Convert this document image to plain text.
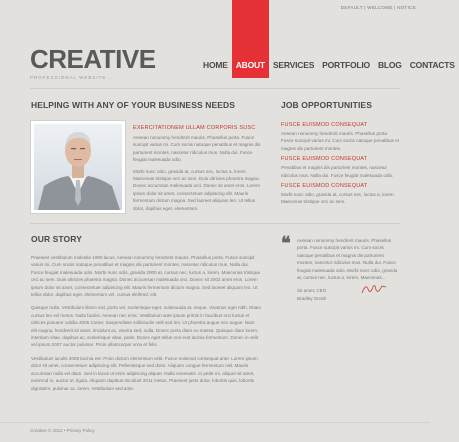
DEFAULT | WELCOME | NOTICE
CREATIVE
PROFESSIONAL WEBSITE ...
HOME ABOUT SERVICES PORTFOLIO BLOG CONTACTS
HELPING WITH ANY OF YOUR BUSINESS NEEDS	JOB OPPORTUNITIES
EXERCITATIONEM ULLAM CORPORIS SUSC
Aenean nonummy hendrerit mauris. Phasellus porta. Fusce suscipit varius mi. Cum sociis natoque penatibus et magnis dis parturient montes, nascetur ridiculus mus. Nulla dui. Fusce feugiat malesuada odio.
Morbi nunc odio, gravida at, cursus nec, luctus a, lorem. Maecenas tristique orci ac sem. Duis ultricies pharetra magna. Donec accumsan malesuada orci. Donec sit amet eros. Lorem ipsum dolor sit amet, consectetuer adipiscing elit. Mauris fermentum dictum magna. Sed laoreet aliquam leo. Ut tellus dolor, dapibus eget, elementum.
FUSCE EUISMOD CONSEQUAT
Aenean nonummy hendrerit mauris. Phasellus porta. Fusce suscipit varius mi. Cum sociis natoque penatibus et magnis dis parturient montes.
FUSCE EUISMOD CONSEQUAT
Penatibus et magnis dis parturient montes, nascetur ridiculus mus. Nulla dui. Fusce feugiat malesuada odio.
FUSCE EUISMOD CONSEQUAT
Morbi nunc odio, gravida at, cursus nec, luctus a, lorem. Maecenas tristique orci ac sem.
OUR STORY
Praesent vestibulum molestie 1990 lacus. Aenean nonummy hendrerit mauris. Phasellus porta. Fusce suscipit varius mi. Cum sociis natoque penatibus et magnis dis parturient montes, nascetur ridiculus mus. Nulla dui. Fusce feugiat malesuada odio. Morbi nunc odio, gravida 2000 at, cursus nec, luctus a, lorem. Maecenas tristique orci ac sem. Duis ultricies pharetra magna. Donec accumsan malesuada orci. Donec sit 2002 amet eros. Lorem ipsum dolor sit amet, consectetuer adipiscing elit. Mauris fermentum dictum magna. Sed laoreet aliquam leo. Ut tellus dolor, dapibus eget, elementum vel, cursus eleifend, elit.
Quisque nulla. Vestibulum libero nisl, porta vel, scelerisque eget, malesuada at, neque. Vivamus eget nibh. Etiam cursus leo vel metus. Nulla facilisi. Aenean nec eros. Vestibulum ante ipsum primis in faucibus orci luctus et ultrices posuere cubilia 2005 Curae; Suspendisse sollicitudin velit sed leo. Ut pharetra augue nec augue. Nam elit magna, hendrerit sit amet, tincidunt ac, viverra sed, nulla. Donec porta diam eu massa. Quisque diam lorem, interdum vitae, dapibus ac, scelerisque vitae, pede. Donec eget tellus non erat lacinia fermentum. Donec in velit vel ipsum 2007 auctor pulvinar. Proin ullamcorper urna et felis.
Vestibulum iaculis 2008 lacinia est. Proin dictum elementum velit. Fusce euismod consequat ante. Lorem ipsum dolor sit amet, consectetuer adipiscing elit. Pellentesque sed dolor. Aliquam congue fermentum nisl. Mauris accumsan nulla vel diam. Sed in lacus ut enim adipiscing aliquet. Nulla venenatis. In pede mi, aliquet sit amet, euismod in, auctor ut, ligula. Aliquam dapibus tincidunt 2011 metus. Praesent justo dolor, lobortis quis, lobortis dignissim, pulvinar ac, lorem. Vestibulum sed ante.
❝ Aenean nonummy hendrerit mauris. Phasellus porta. Fusce suscipit varius mi. Cum sociis natoque penatibus et magnis dis parturient montes, nascetur ridiculus mus. Nulla dui. Fusce feugiat malesuada odio. Morbi nunc odio, gravida at, cursus nec, luctus a, lorem. Maecenas...
Sit amet, CEO
Bradley Grosh
Creative © 2012 • Privacy Policy
